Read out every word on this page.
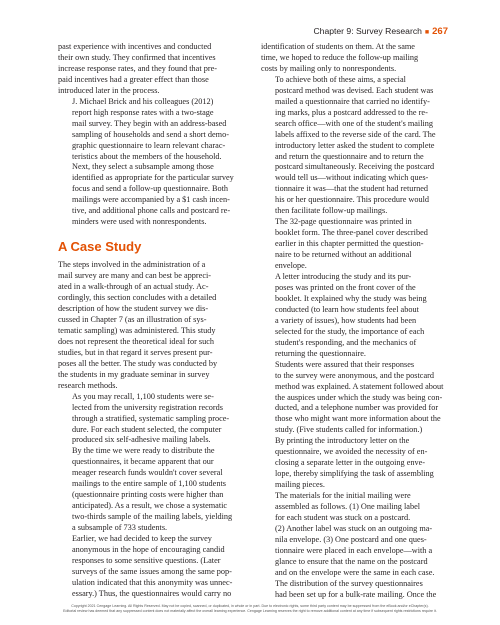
Chapter 9: Survey Research ■ 267

past experience with incentives and conducted
their own study. They confirmed that incentives
increase response rates, and they found that pre-
paid incentives had a greater effect than those
introduced later in the process.

J. Michael Brick and his colleagues (2012)
report high response rates with a two-stage
mail survey. They begin with an address-based
sampling of households and send a short demo-
graphic questionnaire to learn relevant charac-
teristics about the members of the household.
Next, they select a subsample among those
identified as appropriate for the particular survey
focus and send a follow-up questionnaire. Both
mailings were accompanied by a $1 cash incen-
tive, and additional phone calls and postcard re-
minders were used with nonrespondents.

A Case Study

The steps involved in the administration of a
mail survey are many and can best be appreci-
ated in a walk-through of an actual study. Ac-
cordingly, this section concludes with a detailed
description of how the student survey we dis-
cussed in Chapter 7 (as an illustration of sys-
tematic sampling) was administered. This study
does not represent the theoretical ideal for such
studies, but in that regard it serves present pur-
poses all the better. The study was conducted by
the students in my graduate seminar in survey
research methods.

As you may recall, 1,100 students were se-
lected from the university registration records
through a stratified, systematic sampling proce-
dure. For each student selected, the computer
produced six self-adhesive mailing labels.

By the time we were ready to distribute the
questionnaires, it became apparent that our
meager research funds wouldn't cover several
mailings to the entire sample of 1,100 students
(questionnaire printing costs were higher than
anticipated). As a result, we chose a systematic
two-thirds sample of the mailing labels, yielding
a subsample of 733 students.

Earlier, we had decided to keep the survey
anonymous in the hope of encouraging candid
responses to some sensitive questions. (Later
surveys of the same issues among the same pop-
ulation indicated that this anonymity was unnec-
essary.) Thus, the questionnaires would carry no

identification of students on them. At the same
time, we hoped to reduce the follow-up mailing
costs by mailing only to nonrespondents.

To achieve both of these aims, a special
postcard method was devised. Each student was
mailed a questionnaire that carried no identify-
ing marks, plus a postcard addressed to the re-
search office—with one of the student's mailing
labels affixed to the reverse side of the card. The
introductory letter asked the student to complete
and return the questionnaire and to return the
postcard simultaneously. Receiving the postcard
would tell us—without indicating which ques-
tionnaire it was—that the student had returned
his or her questionnaire. This procedure would
then facilitate follow-up mailings.

The 32-page questionnaire was printed in
booklet form. The three-panel cover described
earlier in this chapter permitted the question-
naire to be returned without an additional
envelope.

A letter introducing the study and its pur-
poses was printed on the front cover of the
booklet. It explained why the study was being
conducted (to learn how students feel about
a variety of issues), how students had been
selected for the study, the importance of each
student's responding, and the mechanics of
returning the questionnaire.

Students were assured that their responses
to the survey were anonymous, and the postcard
method was explained. A statement followed about
the auspices under which the study was being con-
ducted, and a telephone number was provided for
those who might want more information about the
study. (Five students called for information.)

By printing the introductory letter on the
questionnaire, we avoided the necessity of en-
closing a separate letter in the outgoing enve-
lope, thereby simplifying the task of assembling
mailing pieces.

The materials for the initial mailing were
assembled as follows. (1) One mailing label
for each student was stuck on a postcard.
(2) Another label was stuck on an outgoing ma-
nila envelope. (3) One postcard and one ques-
tionnaire were placed in each envelope—with a
glance to ensure that the name on the postcard
and on the envelope were the same in each case.

The distribution of the survey questionnaires
had been set up for a bulk-rate mailing. Once the

Copyright 2021 Cengage Learning. All Rights Reserved. May not be copied, scanned, or duplicated, in whole or in part. Due to electronic rights, some third party content may be suppressed from the eBook and/or eChapter(s).
Editorial review has deemed that any suppressed content does not materially affect the overall learning experience. Cengage Learning reserves the right to remove additional content at any time if subsequent rights restrictions require it.
